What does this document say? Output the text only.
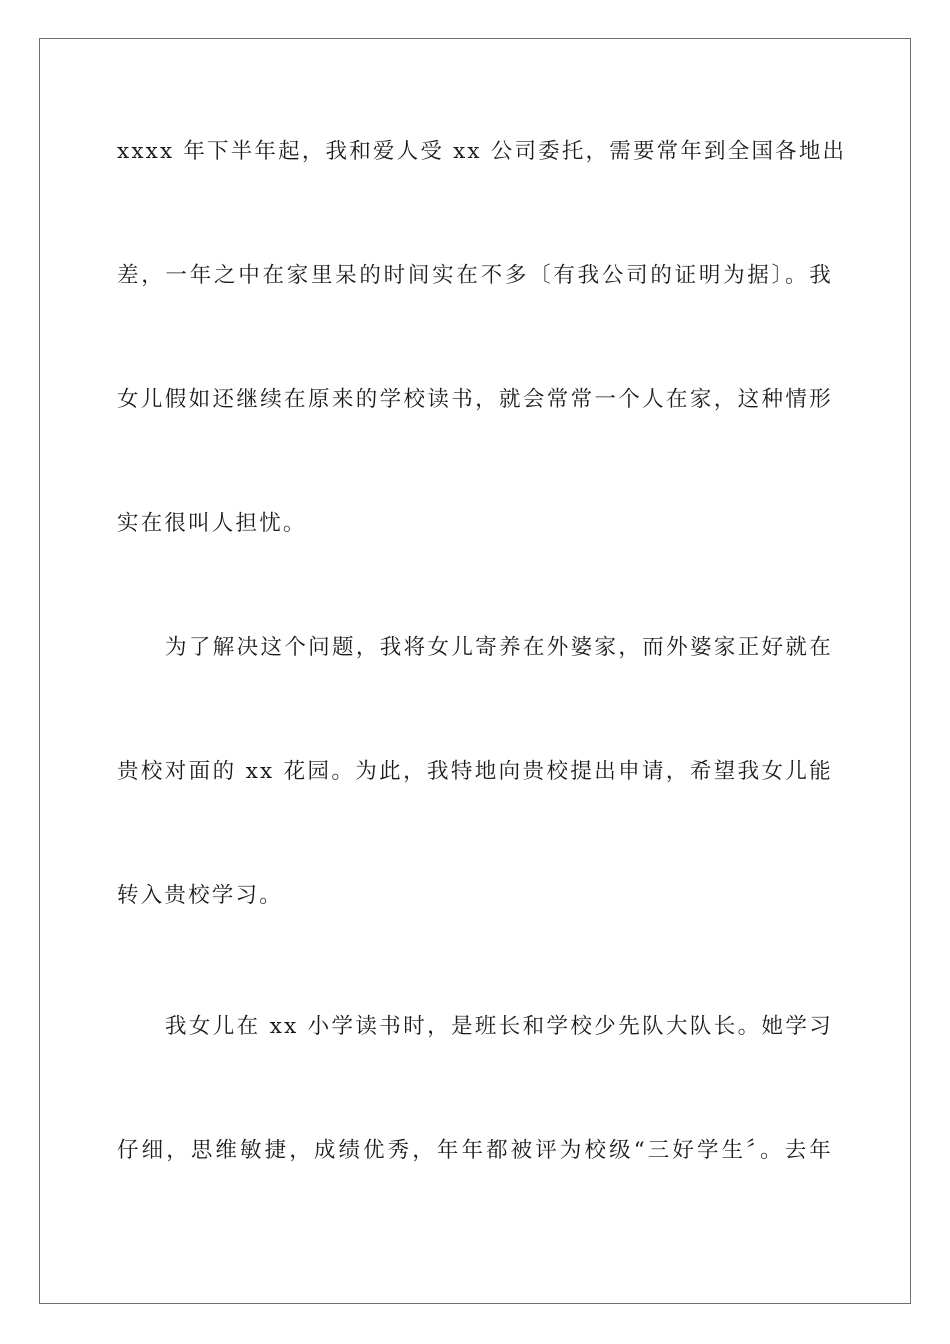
xxxx 年下半年起，我和爱人受 xx 公司委托，需要常年到全国各地出
差，一年之中在家里呆的时间实在不多〔有我公司的证明为据〕。我
女儿假如还继续在原来的学校读书，就会常常一个人在家，这种情形
实在很叫人担忧。
为了解决这个问题，我将女儿寄养在外婆家，而外婆家正好就在
贵校对面的 xx 花园。为此，我特地向贵校提出申请，希望我女儿能
转入贵校学习。
我女儿在 xx 小学读书时，是班长和学校少先队大队长。她学习
仔细，思维敏捷，成绩优秀，年年都被评为校级“三好学生〞。去年
